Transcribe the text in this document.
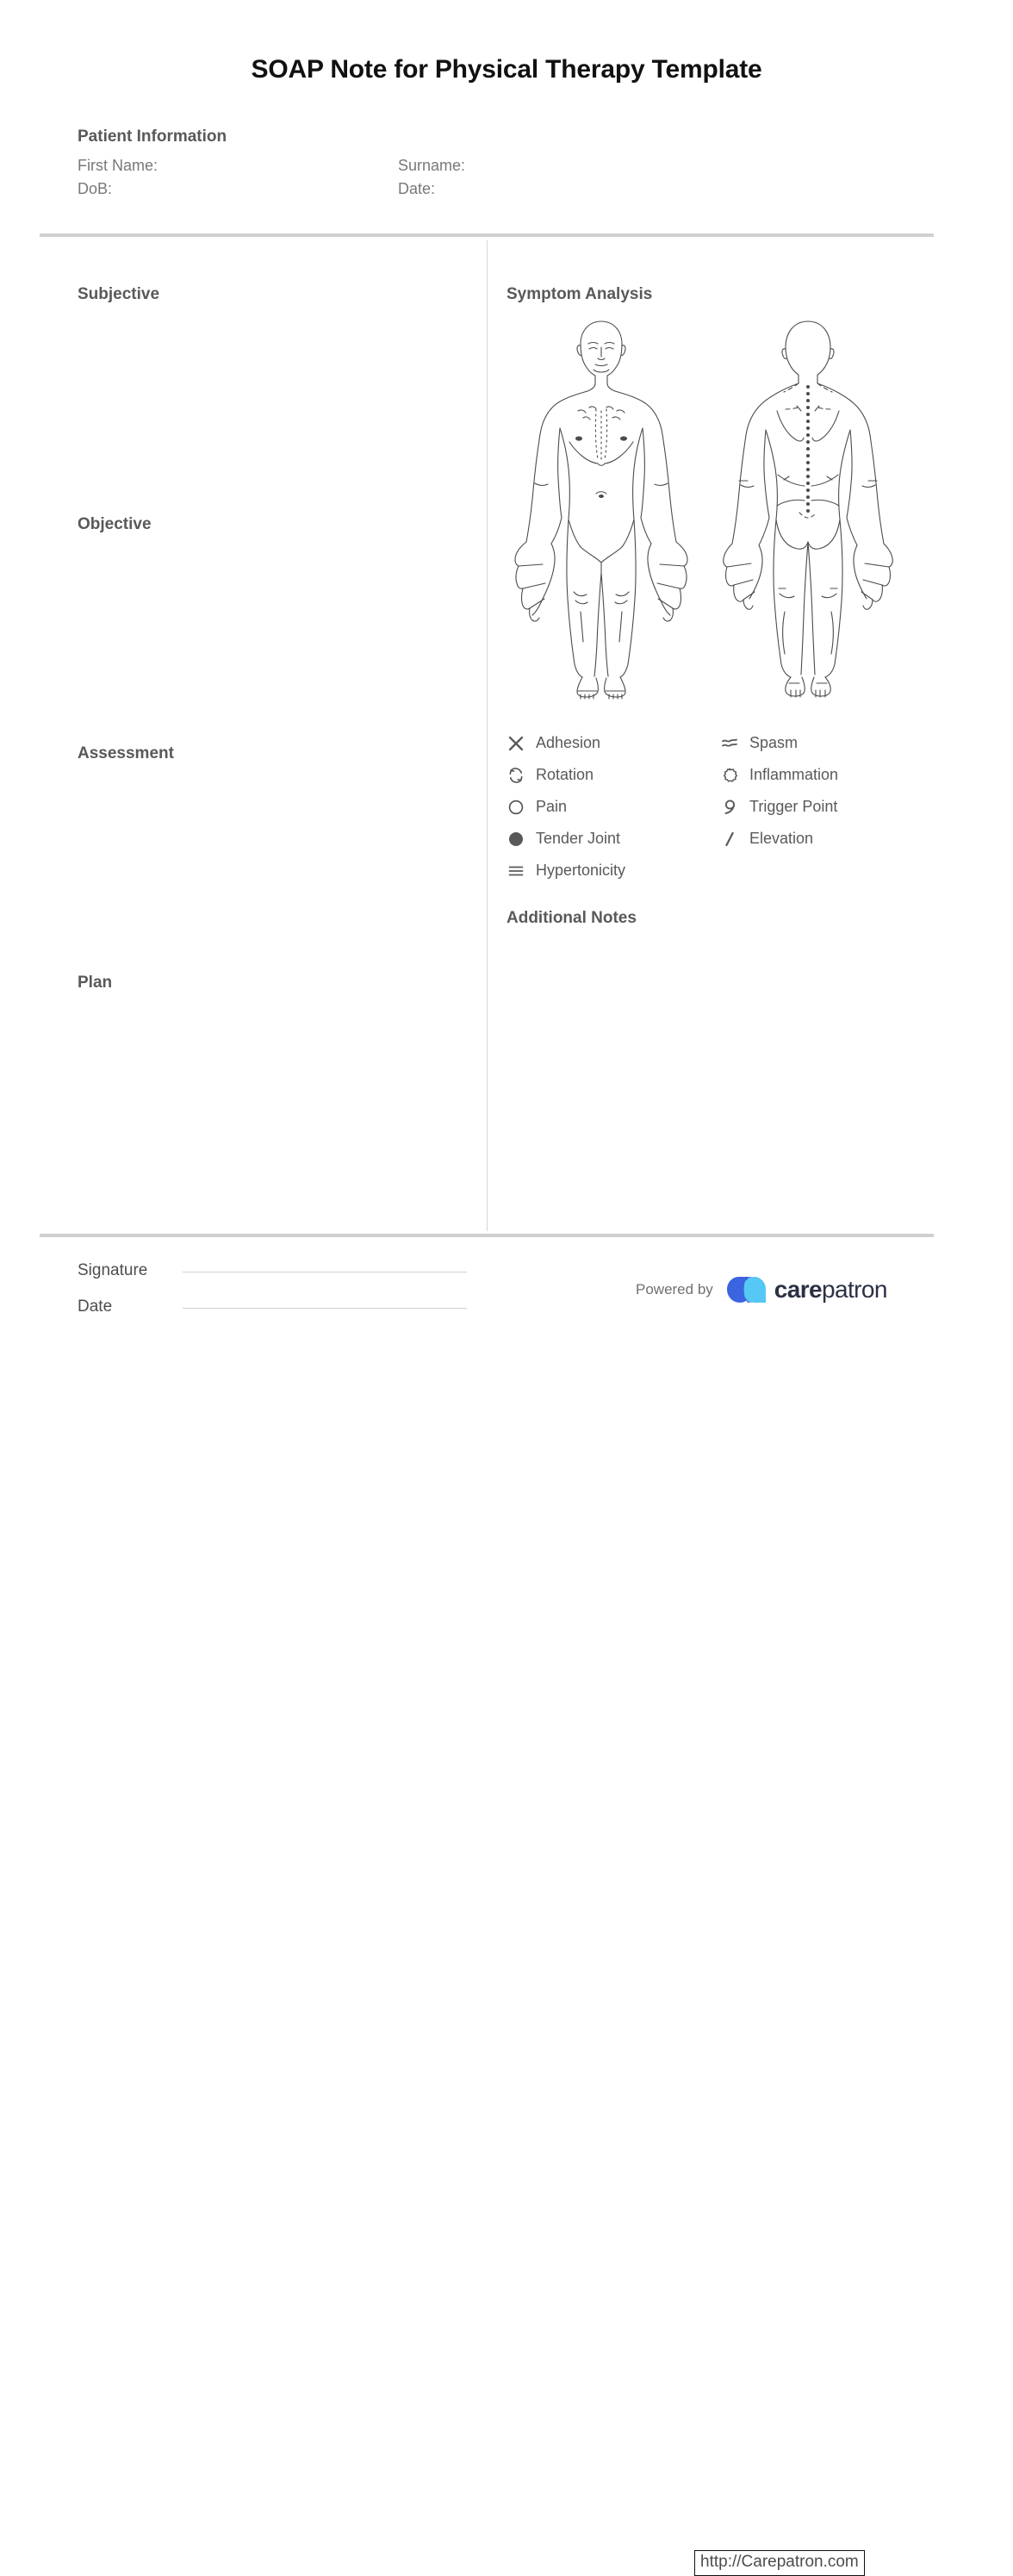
SOAP Note for Physical Therapy Template
Patient Information
First Name:	Surname:
DoB:	Date:
Subjective
Objective
Assessment
Plan
Symptom Analysis
Adhesion
Rotation
Pain
Tender Joint
Hypertonicity
Spasm
Inflammation
Trigger Point
Elevation
Additional Notes
Signature
Date
Powered by	carepatron
http://Carepatron.com
